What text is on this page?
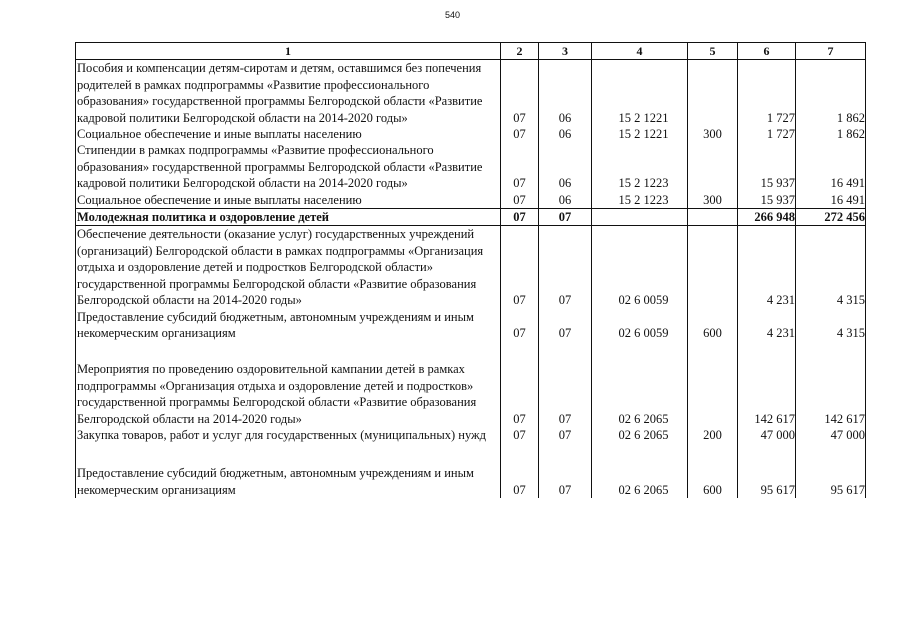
540
1	2	3	4	5	6	7
Пособия и компенсации детям-сиротам и детям, оставшимся без попечения родителей в рамках подпрограммы «Развитие профессионального образования» государственной программы Белгородской области «Развитие кадровой политики Белгородской области на 2014-2020 годы»	07	06	15 2 1221		1 727	1 862
Социальное обеспечение и иные выплаты населению	07	06	15 2 1221	300	1 727	1 862
Стипендии в рамках подпрограммы «Развитие профессионального образования» государственной программы Белгородской области «Развитие кадровой политики Белгородской области на 2014-2020 годы»	07	06	15 2 1223		15 937	16 491
Социальное обеспечение и иные выплаты населению	07	06	15 2 1223	300	15 937	16 491
Молодежная политика и оздоровление детей	07	07			266 948	272 456
Обеспечение деятельности (оказание услуг) государственных учреждений (организаций) Белгородской области в рамках подпрограммы «Организация отдыха и оздоровление детей и подростков Белгородской области» государственной программы Белгородской области «Развитие образования Белгородской области на 2014-2020 годы»	07	07	02 6 0059		4 231	4 315
Предоставление субсидий бюджетным, автономным учреждениям и иным некомерческим организациям	07	07	02 6 0059	600	4 231	4 315
Мероприятия по проведению оздоровительной кампании детей в рамках подпрограммы «Организация отдыха и оздоровление детей и подростков» государственной программы Белгородской области «Развитие образования Белгородской области на 2014-2020 годы»	07	07	02 6 2065		142 617	142 617
Закупка товаров, работ и услуг для государственных (муниципальных) нужд	07	07	02 6 2065	200	47 000	47 000
Предоставление субсидий бюджетным, автономным учреждениям и иным некомерческим организациям	07	07	02 6 2065	600	95 617	95 617
